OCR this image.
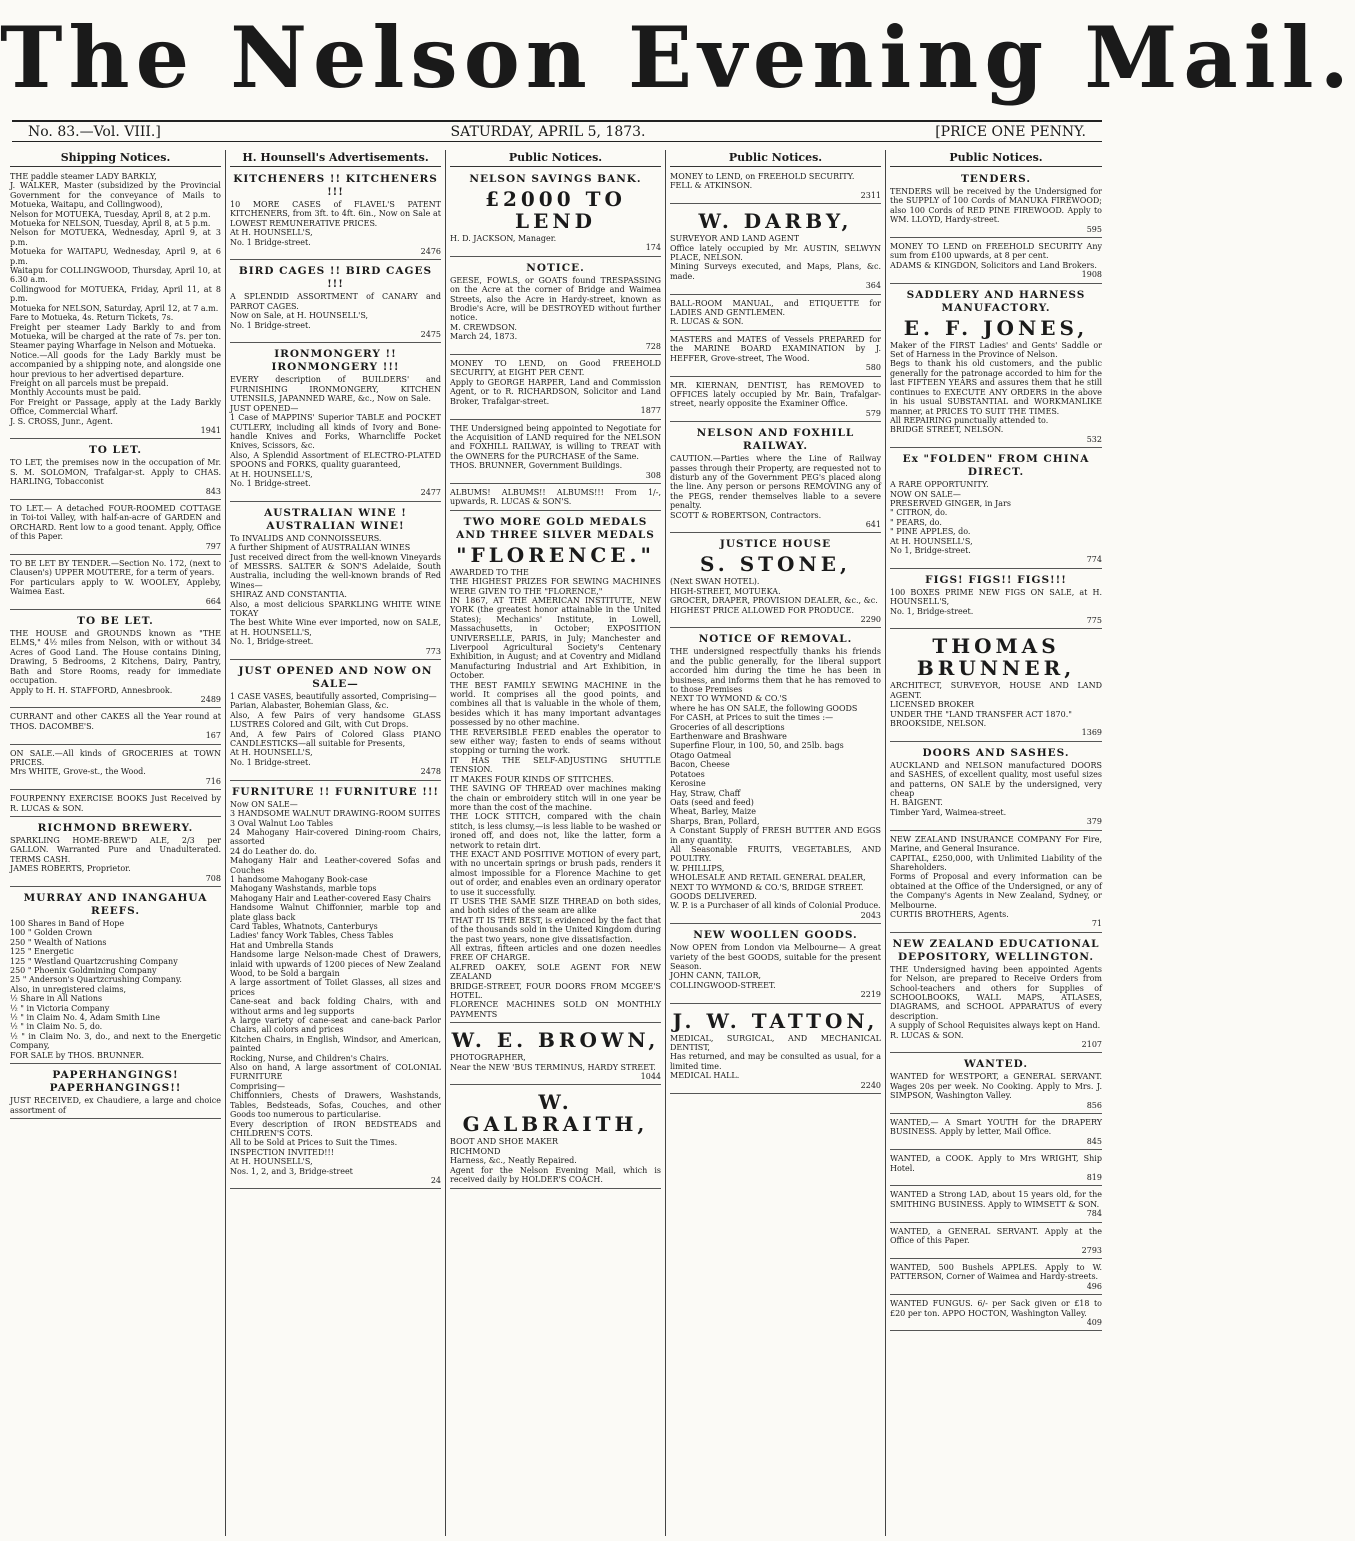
The Nelson Evening Mail.
No. 83.—Vol. VIII.]	SATURDAY, APRIL 5, 1873.	[PRICE ONE PENNY.
Shipping Notices.
THE paddle steamer LADY BARKLY,
J. WALKER, Master (subsidized by the Provincial Government for the conveyance of Mails to Motueka, Waitapu, and Collingwood),
Nelson for MOTUEKA, Tuesday, April 8, at 2 p.m.
Motueka for NELSON, Tuesday, April 8, at 5 p.m.
Nelson for MOTUEKA, Wednesday, April 9, at 3 p.m.
Motueka for WAITAPU, Wednesday, April 9, at 6 p.m.
Waitapu for COLLINGWOOD, Thursday, April 10, at 6.30 a.m.
Collingwood for MOTUEKA, Friday, April 11, at 8 p.m.
Motueka for NELSON, Saturday, April 12, at 7 a.m.
Fare to Motueka, 4s. Return Tickets, 7s.
Freight per steamer Lady Barkly to and from Motueka, will be charged at the rate of 7s. per ton. Steamer paying Wharfage in Nelson and Motueka.
Notice.—All goods for the Lady Barkly must be accompanied by a shipping note, and alongside one hour previous to her advertised departure.
Freight on all parcels must be prepaid.
Monthly Accounts must be paid.
For Freight or Passage, apply at the Lady Barkly Office, Commercial Wharf.
J. S. CROSS, Junr., Agent.
1941
TO LET.
TO LET, the premises now in the occupation of Mr. S. M. SOLOMON, Trafalgar-st. Apply to CHAS. HARLING, Tobacconist
843
TO LET.— A detached FOUR-ROOMED COTTAGE in Toi-toi Valley, with half-an-acre of GARDEN and ORCHARD. Rent low to a good tenant. Apply, Office of this Paper.
797
TO BE LET BY TENDER.—Section No. 172, (next to Clausen's) UPPER MOUTERE, for a term of years.
For particulars apply to W. WOOLEY, Appleby, Waimea East.
664
TO BE LET.
THE HOUSE and GROUNDS known as "THE ELMS," 4½ miles from Nelson, with or without 34 Acres of Good Land. The House contains Dining, Drawing, 5 Bedrooms, 2 Kitchens, Dairy, Pantry, Bath and Store Rooms, ready for immediate occupation.
Apply to H. H. STAFFORD, Annesbrook.
2489
CURRANT and other CAKES all the Year round at THOS. DACOMBE'S.
167
ON SALE.—All kinds of GROCERIES at TOWN PRICES.
Mrs WHITE, Grove-st., the Wood.
716
FOURPENNY EXERCISE BOOKS Just Received by R. LUCAS & SON.
RICHMOND BREWERY.
SPARKLING HOME-BREW'D ALE, 2/3 per GALLON. Warranted Pure and Unadulterated. TERMS CASH.
JAMES ROBERTS, Proprietor.
708
MURRAY AND INANGAHUA REEFS.
100 Shares in Band of Hope
100 " Golden Crown
250 " Wealth of Nations
125 " Energetic
125 " Westland Quartzcrushing Company
250 " Phoenix Goldmining Company
25 " Anderson's Quartzcrushing Company.
Also, in unregistered claims,
½ Share in All Nations
½ " in Victoria Company
½ " in Claim No. 4, Adam Smith Line
½ " in Claim No. 5, do.
½ " in Claim No. 3, do., and next to the Energetic Company,
FOR SALE by THOS. BRUNNER.
PAPERHANGINGS! PAPERHANGINGS!!
JUST RECEIVED, ex Chaudiere, a large and choice assortment of
H. Hounsell's Advertisements.
KITCHENERS !! KITCHENERS !!!
10 MORE CASES of FLAVEL'S PATENT KITCHENERS, from 3ft. to 4ft. 6in., Now on Sale at LOWEST REMUNERATIVE PRICES.
At H. HOUNSELL'S,
No. 1 Bridge-street.
2476
BIRD CAGES !! BIRD CAGES !!!
A SPLENDID ASSORTMENT of CANARY and PARROT CAGES.
Now on Sale, at H. HOUNSELL'S,
No. 1 Bridge-street.
2475
IRONMONGERY !! IRONMONGERY !!!
EVERY description of BUILDERS' and FURNISHING IRONMONGERY, KITCHEN UTENSILS, JAPANNED WARE, &c., Now on Sale.
JUST OPENED—
1 Case of MAPPINS' Superior TABLE and POCKET CUTLERY, including all kinds of Ivory and Bone-handle Knives and Forks, Wharncliffe Pocket Knives, Scissors, &c.
Also, A Splendid Assortment of ELECTRO-PLATED SPOONS and FORKS, quality guaranteed,
At H. HOUNSELL'S,
No. 1 Bridge-street.
2477
AUSTRALIAN WINE ! AUSTRALIAN WINE!
To INVALIDS AND CONNOISSEURS.
A further Shipment of AUSTRALIAN WINES
Just received direct from the well-known Vineyards of MESSRS. SALTER & SON'S Adelaide, South Australia, including the well-known brands of Red Wines—
SHIRAZ AND CONSTANTIA.
Also, a most delicious SPARKLING WHITE WINE TOKAY
The best White Wine ever imported, now on SALE, at H. HOUNSELL'S,
No. 1, Bridge-street.
773
JUST OPENED AND NOW ON SALE—
1 CASE VASES, beautifully assorted, Comprising—
Parian, Alabaster, Bohemian Glass, &c.
Also, A few Pairs of very handsome GLASS LUSTRES Colored and Gilt, with Cut Drops.
And, A few Pairs of Colored Glass PIANO CANDLESTICKS—all suitable for Presents,
At H. HOUNSELL'S,
No. 1 Bridge-street.
2478
FURNITURE !! FURNITURE !!!
Now ON SALE—
3 HANDSOME WALNUT DRAWING-ROOM SUITES
3 Oval Walnut Loo Tables
24 Mahogany Hair-covered Dining-room Chairs, assorted
24 do Leather do. do.
Mahogany Hair and Leather-covered Sofas and Couches
1 handsome Mahogany Book-case
Mahogany Washstands, marble tops
Mahogany Hair and Leather-covered Easy Chairs
Handsome Walnut Chiffonnier, marble top and plate glass back
Card Tables, Whatnots, Canterburys
Ladies' fancy Work Tables, Chess Tables
Hat and Umbrella Stands
Handsome large Nelson-made Chest of Drawers, inlaid with upwards of 1200 pieces of New Zealand Wood, to be Sold a bargain
A large assortment of Toilet Glasses, all sizes and prices
Cane-seat and back folding Chairs, with and without arms and leg supports
A large variety of cane-seat and cane-back Parlor Chairs, all colors and prices
Kitchen Chairs, in English, Windsor, and American, painted
Rocking, Nurse, and Children's Chairs.
Also on hand, A large assortment of COLONIAL FURNITURE
Comprising—
Chiffonniers, Chests of Drawers, Washstands, Tables, Bedsteads, Sofas, Couches, and other Goods too numerous to particularise.
Every description of IRON BEDSTEADS and CHILDREN'S COTS.
All to be Sold at Prices to Suit the Times.
INSPECTION INVITED!!!
At H. HOUNSELL'S,
Nos. 1, 2, and 3, Bridge-street
24
Public Notices.
NELSON SAVINGS BANK.
£2000 TO LEND
H. D. JACKSON, Manager.
174
NOTICE.
GEESE, FOWLS, or GOATS found TRESPASSING on the Acre at the corner of Bridge and Waimea Streets, also the Acre in Hardy-street, known as Brodie's Acre, will be DESTROYED without further notice.
M. CREWDSON.
March 24, 1873.
728
MONEY TO LEND, on Good FREEHOLD SECURITY, at EIGHT PER CENT.
Apply to GEORGE HARPER, Land and Commission Agent, or to R. RICHARDSON, Solicitor and Land Broker, Trafalgar-street.
1877
THE Undersigned being appointed to Negotiate for the Acquisition of LAND required for the NELSON and FOXHILL RAILWAY, is willing to TREAT with the OWNERS for the PURCHASE of the Same.
THOS. BRUNNER, Government Buildings.
308
ALBUMS! ALBUMS!! ALBUMS!!! From 1/-, upwards, R. LUCAS & SON'S.
TWO MORE GOLD MEDALS AND THREE SILVER MEDALS
"FLORENCE."
AWARDED TO THE
THE HIGHEST PRIZES FOR SEWING MACHINES WERE GIVEN TO THE "FLORENCE,"
IN 1867, AT THE AMERICAN INSTITUTE, NEW YORK (the greatest honor attainable in the United States); Mechanics' Institute, in Lowell, Massachusetts, in October; EXPOSITION UNIVERSELLE, PARIS, in July; Manchester and Liverpool Agricultural Society's Centenary Exhibition, in August; and at Coventry and Midland Manufacturing Industrial and Art Exhibition, in October.
THE BEST FAMILY SEWING MACHINE in the world. It comprises all the good points, and combines all that is valuable in the whole of them, besides which it has many important advantages possessed by no other machine.
THE REVERSIBLE FEED enables the operator to sew either way; fasten to ends of seams without stopping or turning the work.
IT HAS THE SELF-ADJUSTING SHUTTLE TENSION.
IT MAKES FOUR KINDS OF STITCHES.
THE SAVING OF THREAD over machines making the chain or embroidery stitch will in one year be more than the cost of the machine.
THE LOCK STITCH, compared with the chain stitch, is less clumsy,—is less liable to be washed or ironed off, and does not, like the latter, form a network to retain dirt.
THE EXACT AND POSITIVE MOTION of every part, with no uncertain springs or brush pads, renders it almost impossible for a Florence Machine to get out of order, and enables even an ordinary operator to use it successfully.
IT USES THE SAME SIZE THREAD on both sides, and both sides of the seam are alike
THAT IT IS THE BEST, is evidenced by the fact that of the thousands sold in the United Kingdom during the past two years, none give dissatisfaction.
All extras, fifteen articles and one dozen needles FREE OF CHARGE.
ALFRED OAKEY, SOLE AGENT FOR NEW ZEALAND
BRIDGE-STREET, FOUR DOORS FROM MCGEE'S HOTEL.
FLORENCE MACHINES SOLD ON MONTHLY PAYMENTS
W. E. BROWN,
PHOTOGRAPHER,
Near the NEW 'BUS TERMINUS, HARDY STREET.
1044
W. GALBRAITH,
BOOT AND SHOE MAKER
RICHMOND
Harness, &c., Neatly Repaired.
Agent for the Nelson Evening Mail, which is received daily by HOLDER'S COACH.
Public Notices.
MONEY to LEND, on FREEHOLD SECURITY.
FELL & ATKINSON.
2311
W. DARBY,
SURVEYOR AND LAND AGENT
Office lately occupied by Mr. AUSTIN, SELWYN PLACE, NELSON.
Mining Surveys executed, and Maps, Plans, &c. made.
364
BALL-ROOM MANUAL, and ETIQUETTE for LADIES AND GENTLEMEN.
R. LUCAS & SON.
MASTERS and MATES of Vessels PREPARED for the MARINE BOARD EXAMINATION by J. HEFFER, Grove-street, The Wood.
580
MR. KIERNAN, DENTIST, has REMOVED to OFFICES lately occupied by Mr. Bain, Trafalgar-street, nearly opposite the Examiner Office.
579
NELSON AND FOXHILL RAILWAY.
CAUTION.—Parties where the Line of Railway passes through their Property, are requested not to disturb any of the Government PEG's placed along the line. Any person or persons REMOVING any of the PEGS, render themselves liable to a severe penalty.
SCOTT & ROBERTSON, Contractors.
641
JUSTICE HOUSE
S. STONE,
(Next SWAN HOTEL).
HIGH-STREET, MOTUEKA.
GROCER, DRAPER, PROVISION DEALER, &c., &c.
HIGHEST PRICE ALLOWED FOR PRODUCE.
2290
NOTICE OF REMOVAL.
THE undersigned respectfully thanks his friends and the public generally, for the liberal support accorded him during the time he has been in business, and informs them that he has removed to to those Premises
NEXT TO WYMOND & CO.'S
where he has ON SALE, the following GOODS
For CASH, at Prices to suit the times :—
Groceries of all descriptions
Earthenware and Brashware
Superfine Flour, in 100, 50, and 25lb. bags
Otago Oatmeal
Bacon, Cheese
Potatoes
Kerosine
Hay, Straw, Chaff
Oats (seed and feed)
Wheat, Barley, Maize
Sharps, Bran, Pollard,
A Constant Supply of FRESH BUTTER AND EGGS in any quantity.
All Seasonable FRUITS, VEGETABLES, AND POULTRY.
W. PHILLIPS,
WHOLESALE AND RETAIL GENERAL DEALER,
NEXT TO WYMOND & CO.'S, BRIDGE STREET.
GOODS DELIVERED.
W. P. is a Purchaser of all kinds of Colonial Produce.
2043
NEW WOOLLEN GOODS.
Now OPEN from London via Melbourne— A great variety of the best GOODS, suitable for the present Season.
JOHN CANN, TAILOR,
COLLINGWOOD-STREET.
2219
J. W. TATTON,
MEDICAL, SURGICAL, AND MECHANICAL DENTIST,
Has returned, and may be consulted as usual, for a limited time.
MEDICAL HALL.
2240
Public Notices.
TENDERS.
TENDERS will be received by the Undersigned for the SUPPLY of 100 Cords of MANUKA FIREWOOD; also 100 Cords of RED PINE FIREWOOD. Apply to WM. LLOYD, Hardy-street.
595
MONEY TO LEND on FREEHOLD SECURITY Any sum from £100 upwards, at 8 per cent.
ADAMS & KINGDON, Solicitors and Land Brokers.
1908
SADDLERY AND HARNESS MANUFACTORY.
E. F. JONES,
Maker of the FIRST Ladies' and Gents' Saddle or Set of Harness in the Province of Nelson.
Begs to thank his old customers, and the public generally for the patronage accorded to him for the last FIFTEEN YEARS and assures them that he still continues to EXECUTE ANY ORDERS in the above in his usual SUBSTANTIAL and WORKMANLIKE manner, at PRICES TO SUIT THE TIMES.
All REPAIRING punctually attended to.
BRIDGE STREET, NELSON.
532
Ex "FOLDEN" FROM CHINA DIRECT.
A RARE OPPORTUNITY.
NOW ON SALE—
PRESERVED GINGER, in Jars
" CITRON, do.
" PEARS, do.
" PINE APPLES, do.
At H. HOUNSELL'S,
No 1, Bridge-street.
774
FIGS! FIGS!! FIGS!!!
100 BOXES PRIME NEW FIGS ON SALE, at H. HOUNSELL'S,
No. 1, Bridge-street.
775
THOMAS BRUNNER,
ARCHITECT, SURVEYOR, HOUSE AND LAND AGENT.
LICENSED BROKER
UNDER THE "LAND TRANSFER ACT 1870."
BROOKSIDE, NELSON.
1369
DOORS AND SASHES.
AUCKLAND and NELSON manufactured DOORS and SASHES, of excellent quality, most useful sizes and patterns, ON SALE by the undersigned, very cheap
H. BAIGENT.
Timber Yard, Waimea-street.
379
NEW ZEALAND INSURANCE COMPANY For Fire, Marine, and General Insurance.
CAPITAL, £250,000, with Unlimited Liability of the Shareholders.
Forms of Proposal and every information can be obtained at the Office of the Undersigned, or any of the Company's Agents in New Zealand, Sydney, or Melbourne.
CURTIS BROTHERS, Agents.
71
NEW ZEALAND EDUCATIONAL DEPOSITORY, WELLINGTON.
THE Undersigned having been appointed Agents for Nelson, are prepared to Receive Orders from School-teachers and others for Supplies of SCHOOLBOOKS, WALL MAPS, ATLASES, DIAGRAMS, and SCHOOL APPARATUS of every description.
A supply of School Requisites always kept on Hand.
R. LUCAS & SON.
2107
WANTED.
WANTED for WESTPORT, a GENERAL SERVANT. Wages 20s per week. No Cooking. Apply to Mrs. J. SIMPSON, Washington Valley.
856
WANTED,— A Smart YOUTH for the DRAPERY BUSINESS. Apply by letter, Mail Office.
845
WANTED, a COOK. Apply to Mrs WRIGHT, Ship Hotel.
819
WANTED a Strong LAD, about 15 years old, for the SMITHING BUSINESS. Apply to WIMSETT & SON.
784
WANTED, a GENERAL SERVANT. Apply at the Office of this Paper.
2793
WANTED, 500 Bushels APPLES. Apply to W. PATTERSON, Corner of Waimea and Hardy-streets.
496
WANTED FUNGUS. 6/- per Sack given or £18 to £20 per ton. APPO HOCTON, Washington Valley.
409
